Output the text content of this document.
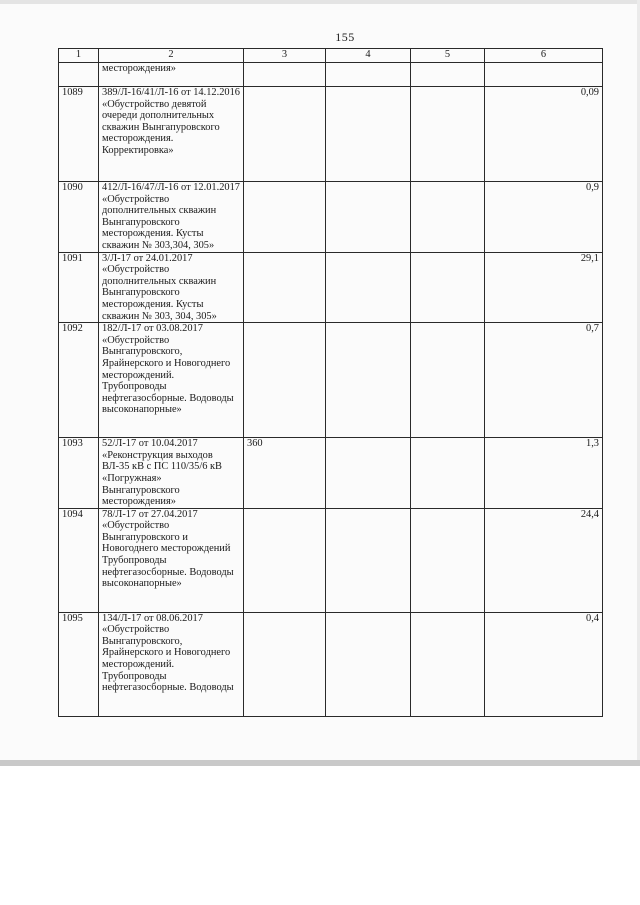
155
1	2	3	4	5	6
	месторождения»				
1089	389/Л-16/41/Л-16 от 14.12.2016 «Обустройство девятой очереди дополнительных скважин Вынгапуровского месторождения. Корректировка»				0,09
1090	412/Л-16/47/Л-16 от 12.01.2017 «Обустройство дополнительных скважин Вынгапуровского месторождения. Кусты скважин № 303,304, 305»				0,9
1091	3/Л-17 от 24.01.2017 «Обустройство дополнительных скважин Вынгапуровского месторождения. Кусты скважин № 303, 304, 305»				29,1
1092	182/Л-17 от 03.08.2017 «Обустройство Вынгапуровского, Ярайнерского и Новогоднего месторождений. Трубопроводы нефтегазосборные. Водоводы высоконапорные»				0,7
1093	52/Л-17 от 10.04.2017 «Реконструкция выходов ВЛ-35 кВ с ПС 110/35/6 кВ «Погружная» Вынгапуровского месторождения»	360			1,3
1094	78/Л-17 от 27.04.2017 «Обустройство Вынгапуровского и Новогоднего месторождений Трубопроводы нефтегазосборные. Водоводы высоконапорные»				24,4
1095	134/Л-17 от 08.06.2017 «Обустройство Вынгапуровского, Ярайнерского и Новогоднего месторождений. Трубопроводы нефтегазосборные. Водоводы				0,4
